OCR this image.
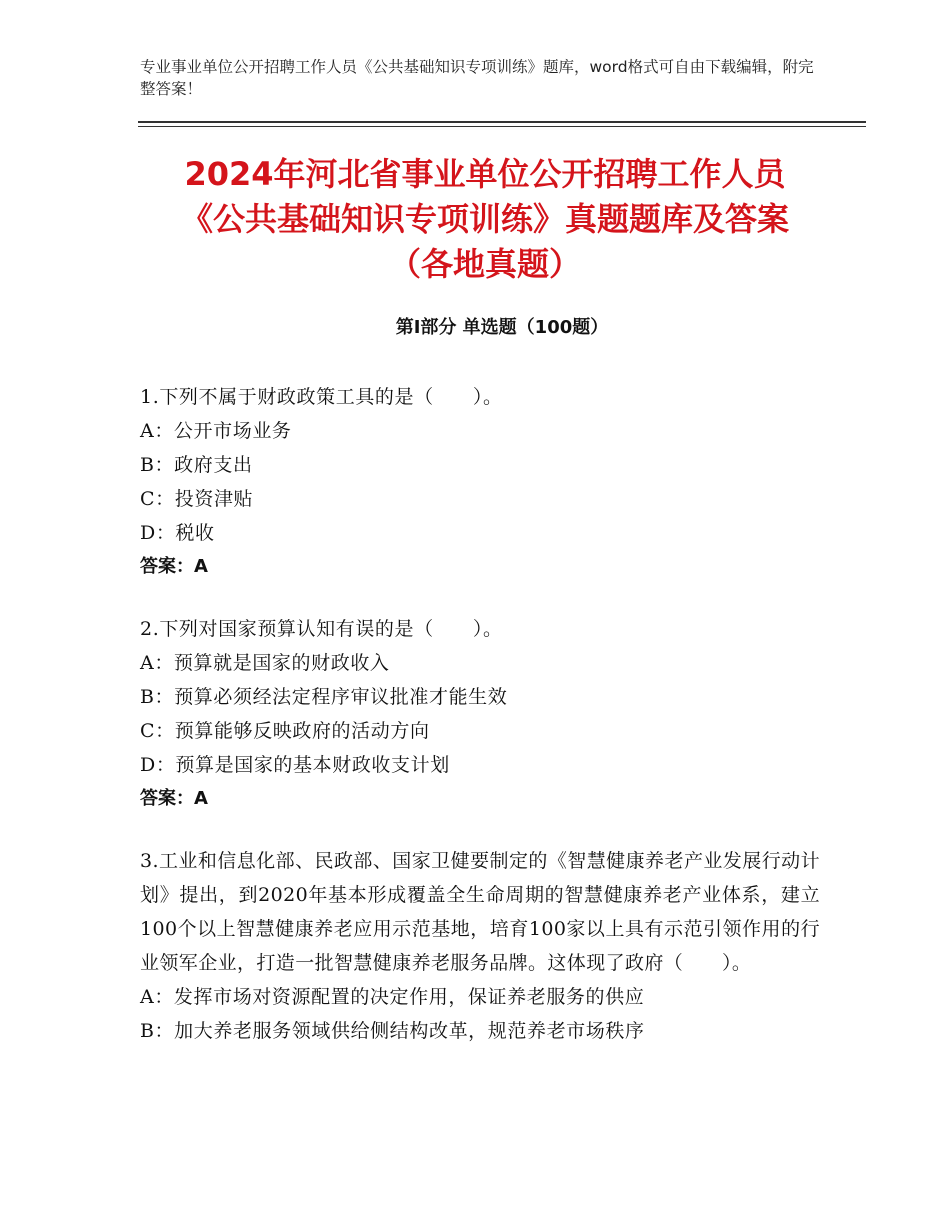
专业事业单位公开招聘工作人员《公共基础知识专项训练》题库，word格式可自由下载编辑，附完整答案！
2024年河北省事业单位公开招聘工作人员
《公共基础知识专项训练》真题题库及答案
（各地真题）
第Ⅰ部分 单选题（100题）
1.下列不属于财政政策工具的是（　　）。
A：公开市场业务
B：政府支出
C：投资津贴
D：税收
答案：A
2.下列对国家预算认知有误的是（　　）。
A：预算就是国家的财政收入
B：预算必须经法定程序审议批准才能生效
C：预算能够反映政府的活动方向
D：预算是国家的基本财政收支计划
答案：A
3.工业和信息化部、民政部、国家卫健要制定的《智慧健康养老产业发展行动计划》提出，到2020年基本形成覆盖全生命周期的智慧健康养老产业体系，建立100个以上智慧健康养老应用示范基地，培育100家以上具有示范引领作用的行业领军企业，打造一批智慧健康养老服务品牌。这体现了政府（　　）。
A：发挥市场对资源配置的决定作用，保证养老服务的供应
B：加大养老服务领域供给侧结构改革，规范养老市场秩序
